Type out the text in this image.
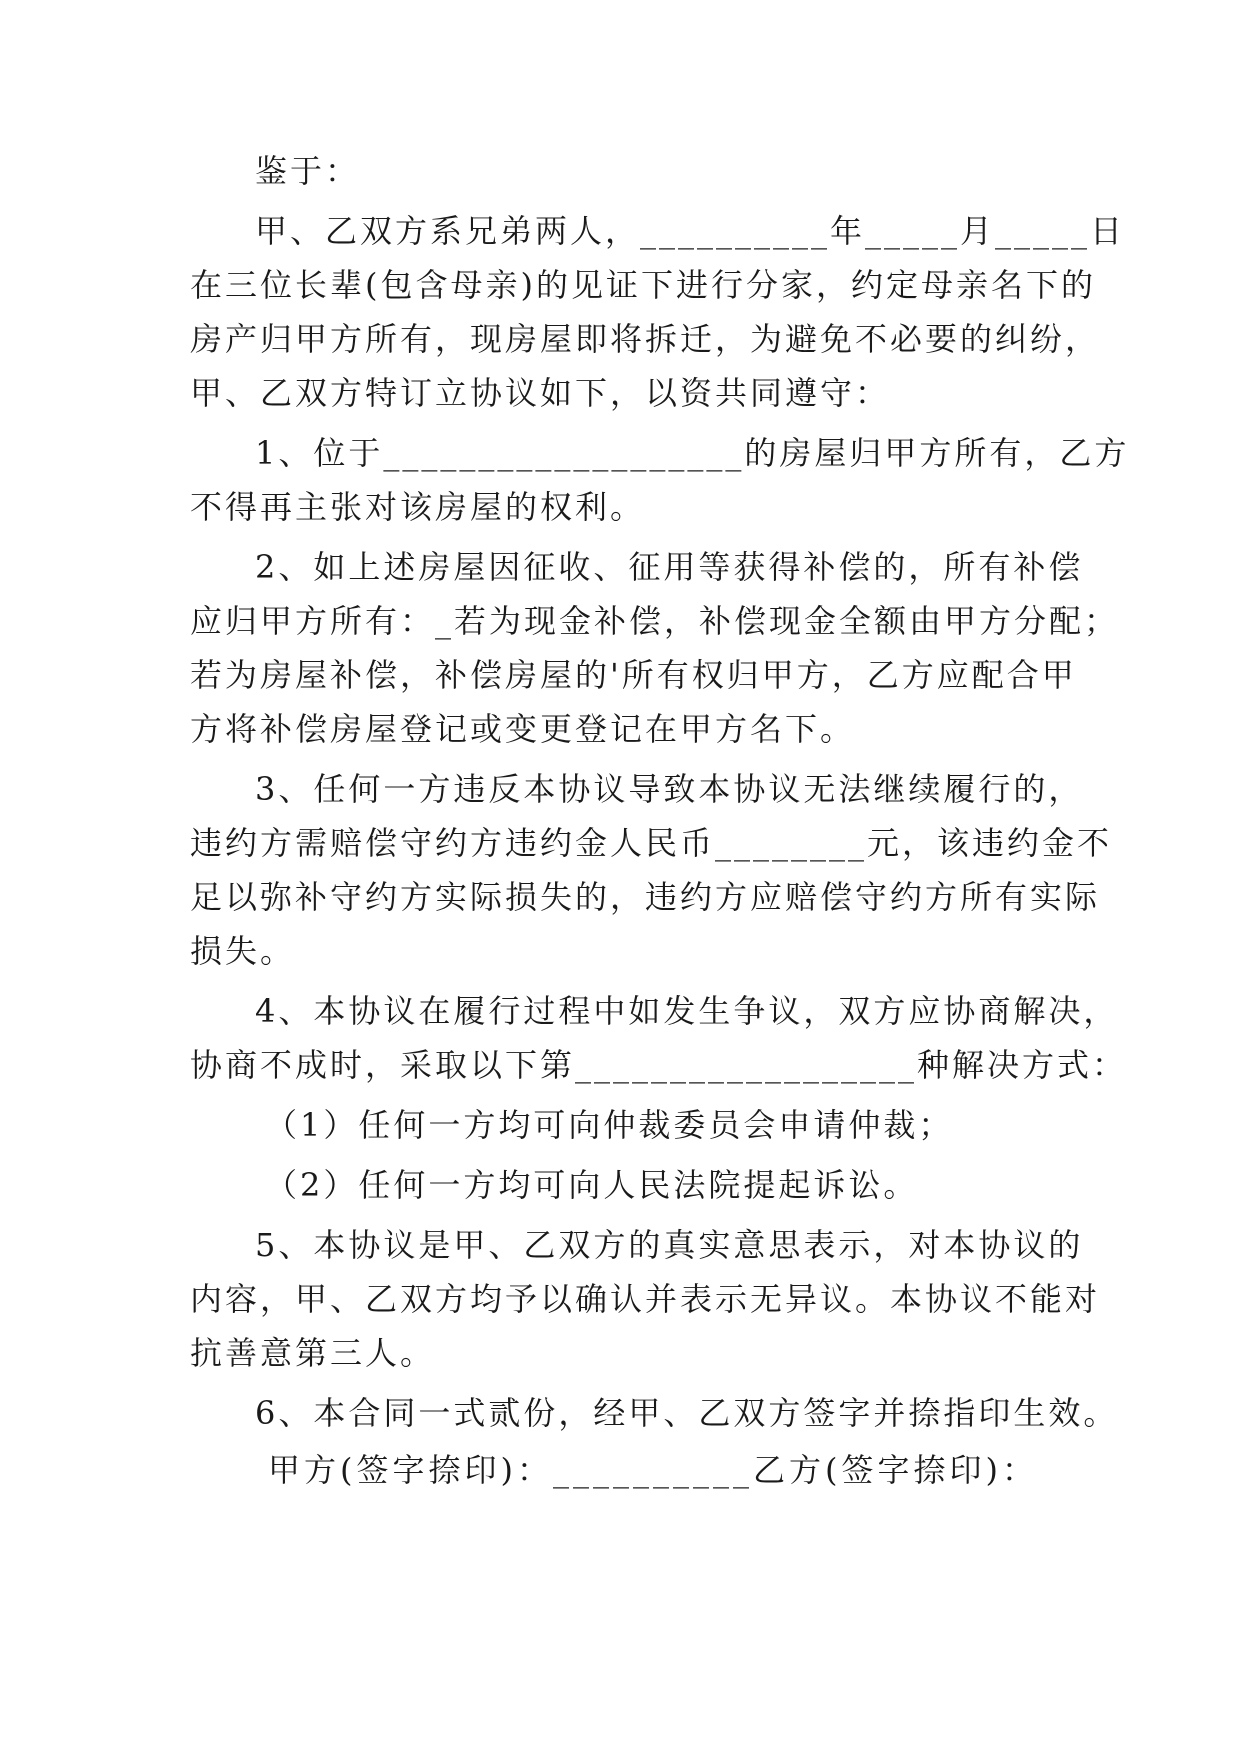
鉴于：
甲、乙双方系兄弟两人，__________年_____月_____日
在三位长辈(包含母亲)的见证下进行分家，约定母亲名下的
房产归甲方所有，现房屋即将拆迁，为避免不必要的纠纷，
甲、乙双方特订立协议如下，以资共同遵守：
1、位于___________________的房屋归甲方所有，乙方
不得再主张对该房屋的权利。
2、如上述房屋因征收、征用等获得补偿的，所有补偿
应归甲方所有：_若为现金补偿，补偿现金全额由甲方分配；
若为房屋补偿，补偿房屋的'所有权归甲方，乙方应配合甲
方将补偿房屋登记或变更登记在甲方名下。
3、任何一方违反本协议导致本协议无法继续履行的，
违约方需赔偿守约方违约金人民币________元，该违约金不
足以弥补守约方实际损失的，违约方应赔偿守约方所有实际
损失。
4、本协议在履行过程中如发生争议，双方应协商解决，
协商不成时，采取以下第__________________种解决方式：
（1）任何一方均可向仲裁委员会申请仲裁；
（2）任何一方均可向人民法院提起诉讼。
5、本协议是甲、乙双方的真实意思表示，对本协议的
内容，甲、乙双方均予以确认并表示无异议。本协议不能对
抗善意第三人。
6、本合同一式贰份，经甲、乙双方签字并捺指印生效。
甲方(签字捺印)：__________乙方(签字捺印)：
